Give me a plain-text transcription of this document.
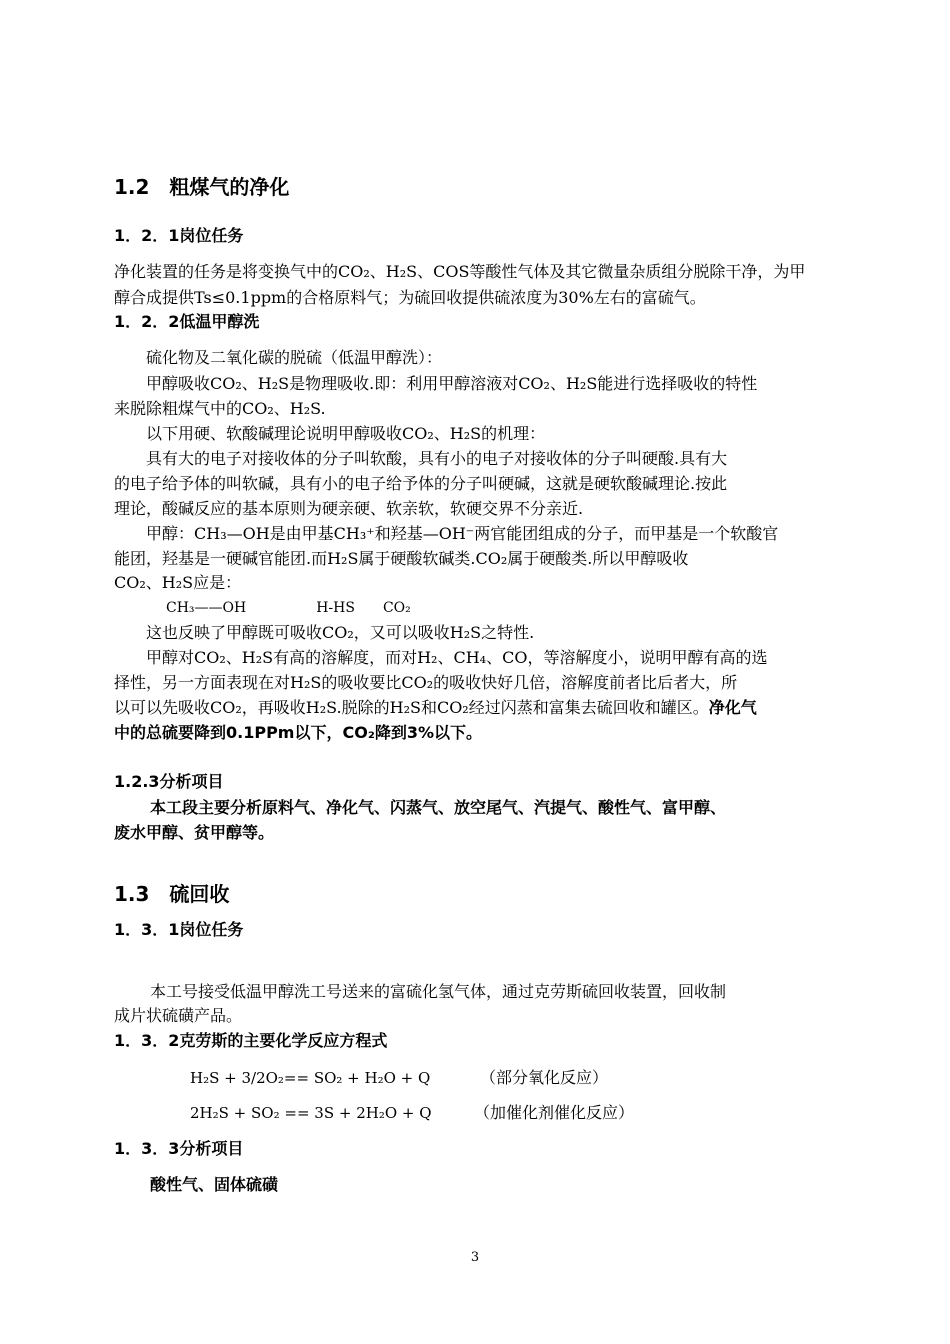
1.2　粗煤气的净化
1．2．1岗位任务
净化装置的任务是将变换气中的CO₂、H₂S、COS等酸性气体及其它微量杂质组分脱除干净，为甲
醇合成提供Ts≤0.1ppm的合格原料气；为硫回收提供硫浓度为30%左右的富硫气。
1．2．2低温甲醇洗
硫化物及二氧化碳的脱硫（低温甲醇洗）：
甲醇吸收CO₂、H₂S是物理吸收.即：利用甲醇溶液对CO₂、H₂S能进行选择吸收的特性
来脱除粗煤气中的CO₂、H₂S.
以下用硬、软酸碱理论说明甲醇吸收CO₂、H₂S的机理：
具有大的电子对接收体的分子叫软酸，具有小的电子对接收体的分子叫硬酸.具有大
的电子给予体的叫软碱，具有小的电子给予体的分子叫硬碱，这就是硬软酸碱理论.按此
理论，酸碱反应的基本原则为硬亲硬、软亲软，软硬交界不分亲近.
甲醇：CH₃—OH是由甲基CH₃⁺和羟基—OH⁻两官能团组成的分子，而甲基是一个软酸官
能团，羟基是一硬碱官能团.而H₂S属于硬酸软碱类.CO₂属于硬酸类.所以甲醇吸收
CO₂、H₂S应是：
CH₃——OH　　　　　H-HS　　CO₂
这也反映了甲醇既可吸收CO₂，又可以吸收H₂S之特性.
甲醇对CO₂、H₂S有高的溶解度，而对H₂、CH₄、CO，等溶解度小，说明甲醇有高的选
择性，另一方面表现在对H₂S的吸收要比CO₂的吸收快好几倍，溶解度前者比后者大，所
以可以先吸收CO₂，再吸收H₂S.脱除的H₂S和CO₂经过闪蒸和富集去硫回收和罐区。净化气
中的总硫要降到0.1PPm以下，CO₂降到3%以下。
1.2.3分析项目
本工段主要分析原料气、净化气、闪蒸气、放空尾气、汽提气、酸性气、富甲醇、
废水甲醇、贫甲醇等。
1.3　硫回收
1．3．1岗位任务
本工号接受低温甲醇洗工号送来的富硫化氢气体，通过克劳斯硫回收装置，回收制
成片状硫磺产品。
1．3．2克劳斯的主要化学反应方程式
H₂S + 3/2O₂== SO₂ + H₂O + Q	（部分氧化反应）
2H₂S + SO₂ == 3S + 2H₂O + Q	（加催化剂催化反应）
1．3．3分析项目
酸性气、固体硫磺
3
